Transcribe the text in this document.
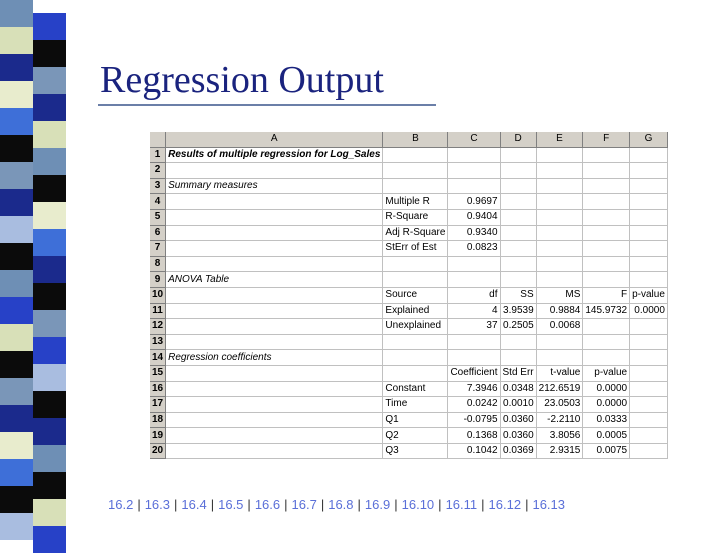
Regression Output
	A	B	C	D	E	F	G
1	Results of multiple regression for Log_Sales						
2							
3	Summary measures						
4		Multiple R	0.9697				
5		R-Square	0.9404				
6		Adj R-Square	0.9340				
7		StErr of Est	0.0823				
8							
9	ANOVA Table						
10		Source	df	SS	MS	F	p-value
11		Explained	4	3.9539	0.9884	145.9732	0.0000
12		Unexplained	37	0.2505	0.0068		
13							
14	Regression coefficients						
15			Coefficient	Std Err	t-value	p-value	
16		Constant	7.3946	0.0348	212.6519	0.0000	
17		Time	0.0242	0.0010	23.0503	0.0000	
18		Q1	-0.0795	0.0360	-2.2110	0.0333	
19		Q2	0.1368	0.0360	3.8056	0.0005	
20		Q3	0.1042	0.0369	2.9315	0.0075	
16.2 | 16.3 | 16.4 | 16.5 | 16.6 | 16.7 | 16.8 | 16.9 | 16.10 | 16.11 | 16.12 | 16.13
